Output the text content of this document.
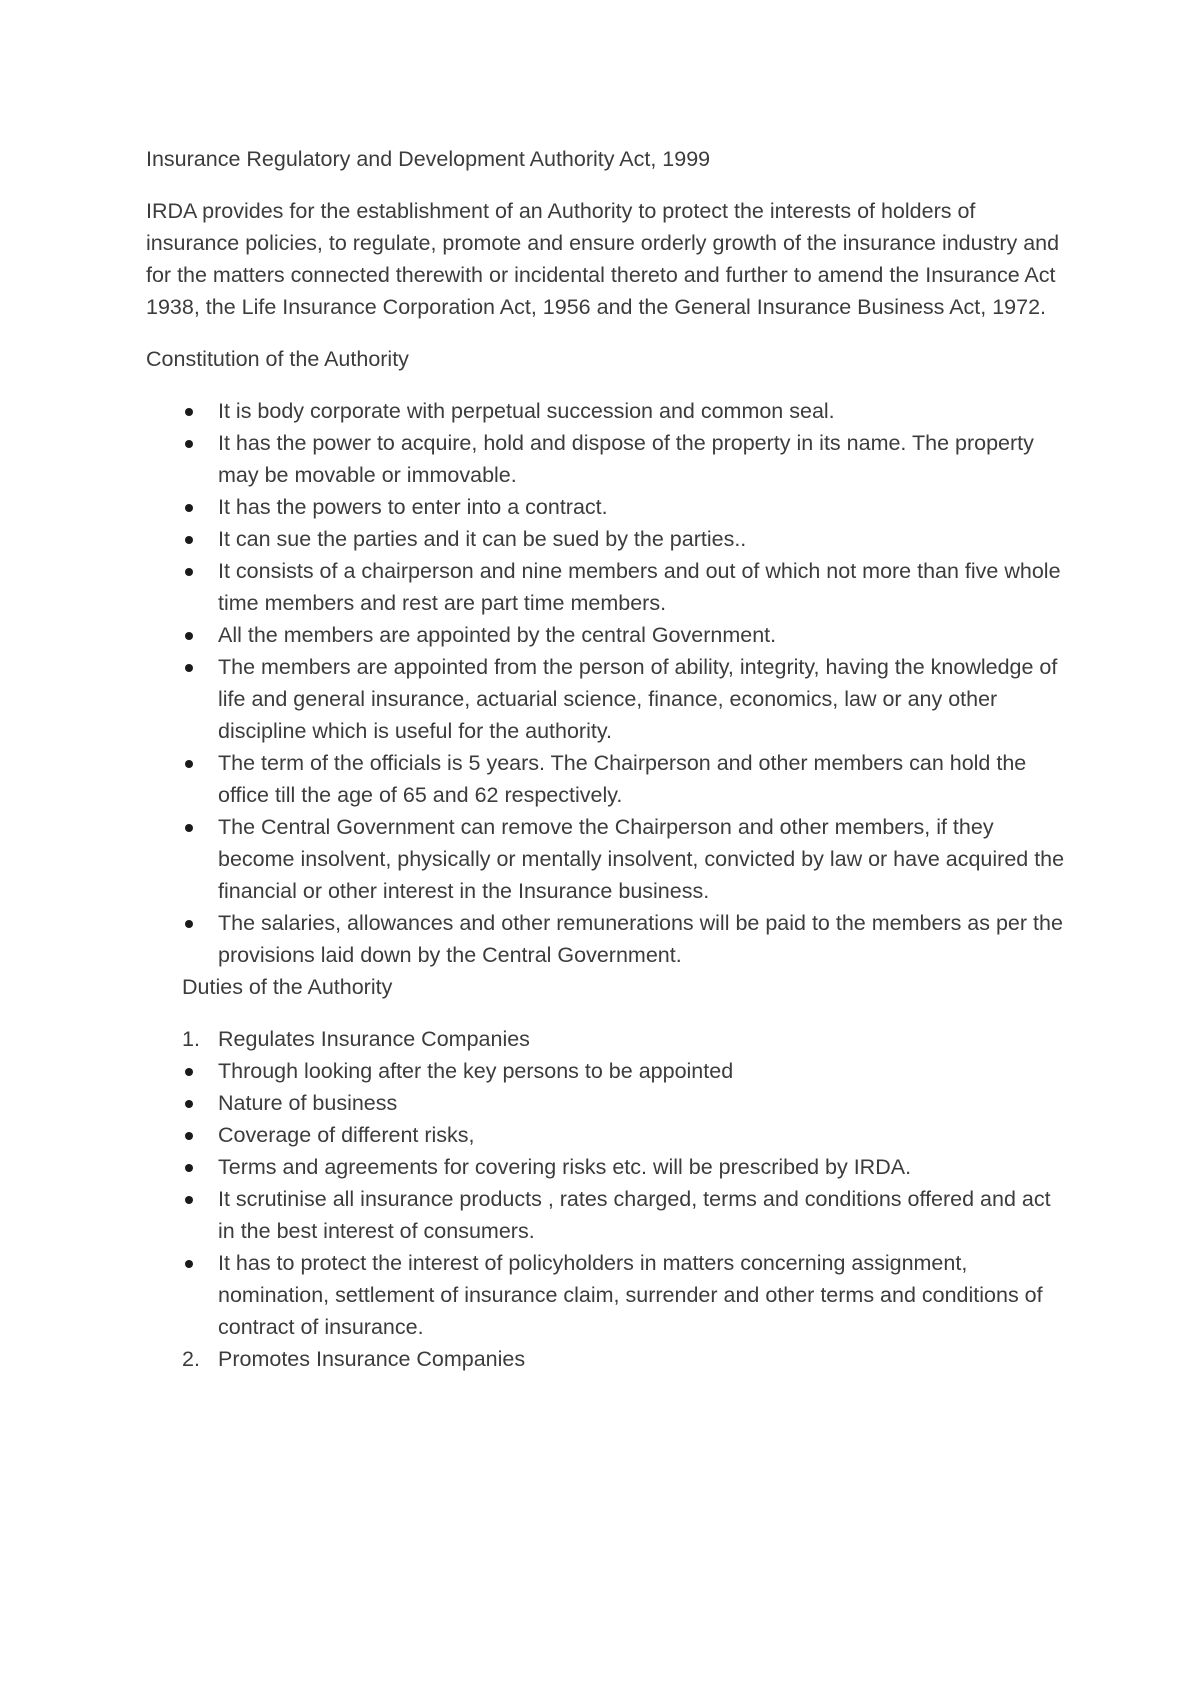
Insurance Regulatory and Development Authority Act, 1999

IRDA provides for the establishment of an Authority to protect the interests of holders of insurance policies, to regulate, promote and ensure orderly growth of the insurance industry and for the matters connected therewith or incidental thereto and further to amend the Insurance Act 1938, the Life Insurance Corporation Act, 1956 and the General Insurance Business Act, 1972.

Constitution of the Authority

It is body corporate with perpetual succession and common seal.
It has the power to acquire, hold and dispose of the property in its name. The property may be movable or immovable.
It has the powers to enter into a contract.
It can sue the parties and it can be sued by the parties..
It consists of a chairperson and nine members and out of which not more than five whole time members and rest are part time members.
All the members are appointed by the central Government.
The members are appointed from the person of ability, integrity, having the knowledge of life and general insurance, actuarial science, finance, economics, law or any other discipline which is useful for the authority.
The term of the officials is 5 years. The Chairperson and other members can hold the office till the age of 65 and 62 respectively.
The Central Government can remove the Chairperson and other members, if they become insolvent, physically or mentally insolvent, convicted by law or have acquired the financial or other interest in the Insurance business.
The salaries, allowances and other remunerations will be paid to the members as per the provisions laid down by the Central Government.

Duties of the Authority

1. Regulates Insurance Companies
Through looking after the key persons to be appointed
Nature of business
Coverage of different risks,
Terms and agreements for covering risks etc. will be prescribed by IRDA.
It scrutinise all insurance products , rates charged, terms and conditions offered and act in the best interest of consumers.
It has to protect the interest of policyholders in matters concerning assignment, nomination, settlement of insurance claim, surrender and other terms and conditions of contract of insurance.
2. Promotes Insurance Companies
